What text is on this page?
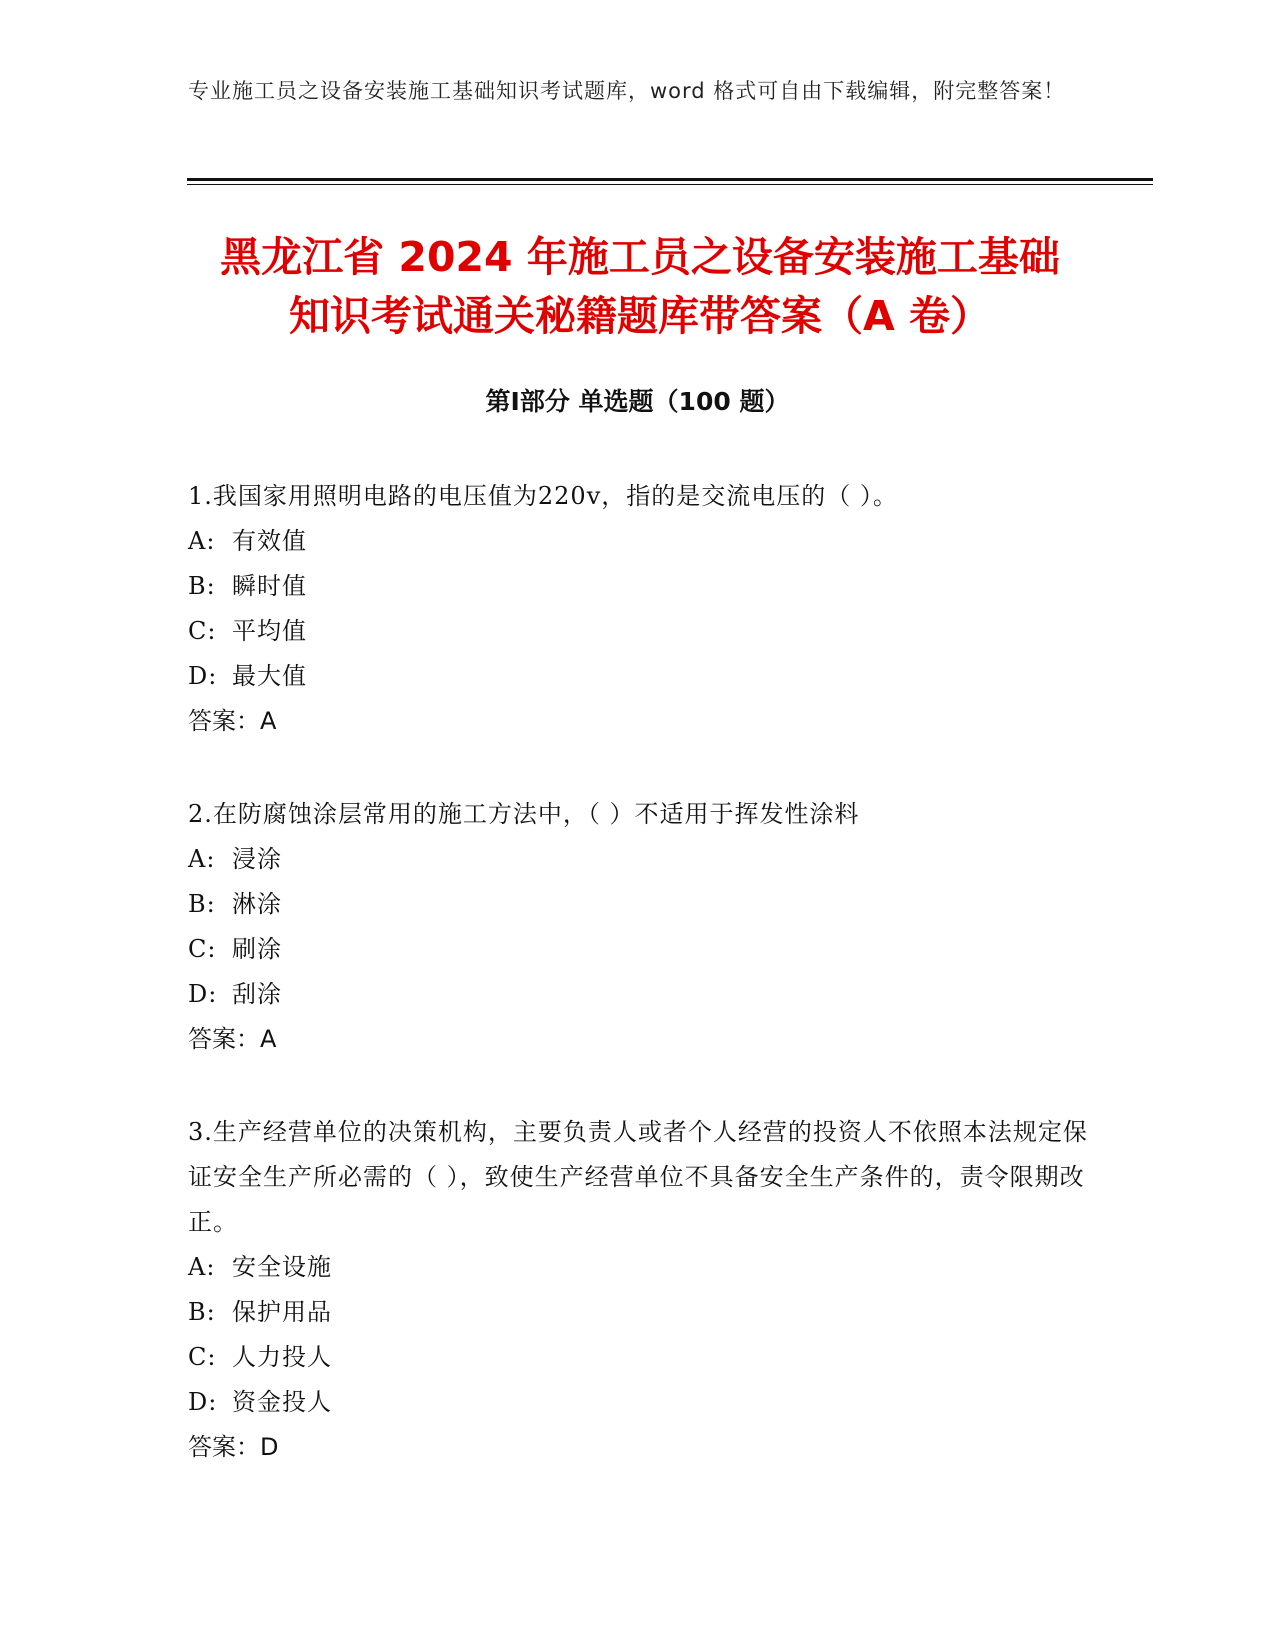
专业施工员之设备安装施工基础知识考试题库，word 格式可自由下载编辑，附完整答案！
黑龙江省 2024 年施工员之设备安装施工基础
知识考试通关秘籍题库带答案（A 卷）
第Ⅰ部分 单选题（100 题）

1.我国家用照明电路的电压值为220v，指的是交流电压的（ ）。

A: 有效值

B: 瞬时值

C: 平均值

D: 最大值

答案：A

2.在防腐蚀涂层常用的施工方法中，（ ）不适用于挥发性涂料

A: 浸涂

B: 淋涂

C: 刷涂

D: 刮涂

答案：A

3.生产经营单位的决策机构，主要负责人或者个人经营的投资人不依照本法规定保证安全生产所必需的（ ），致使生产经营单位不具备安全生产条件的，责令限期改正。

A: 安全设施

B: 保护用品

C: 人力投人

D: 资金投人

答案：D
